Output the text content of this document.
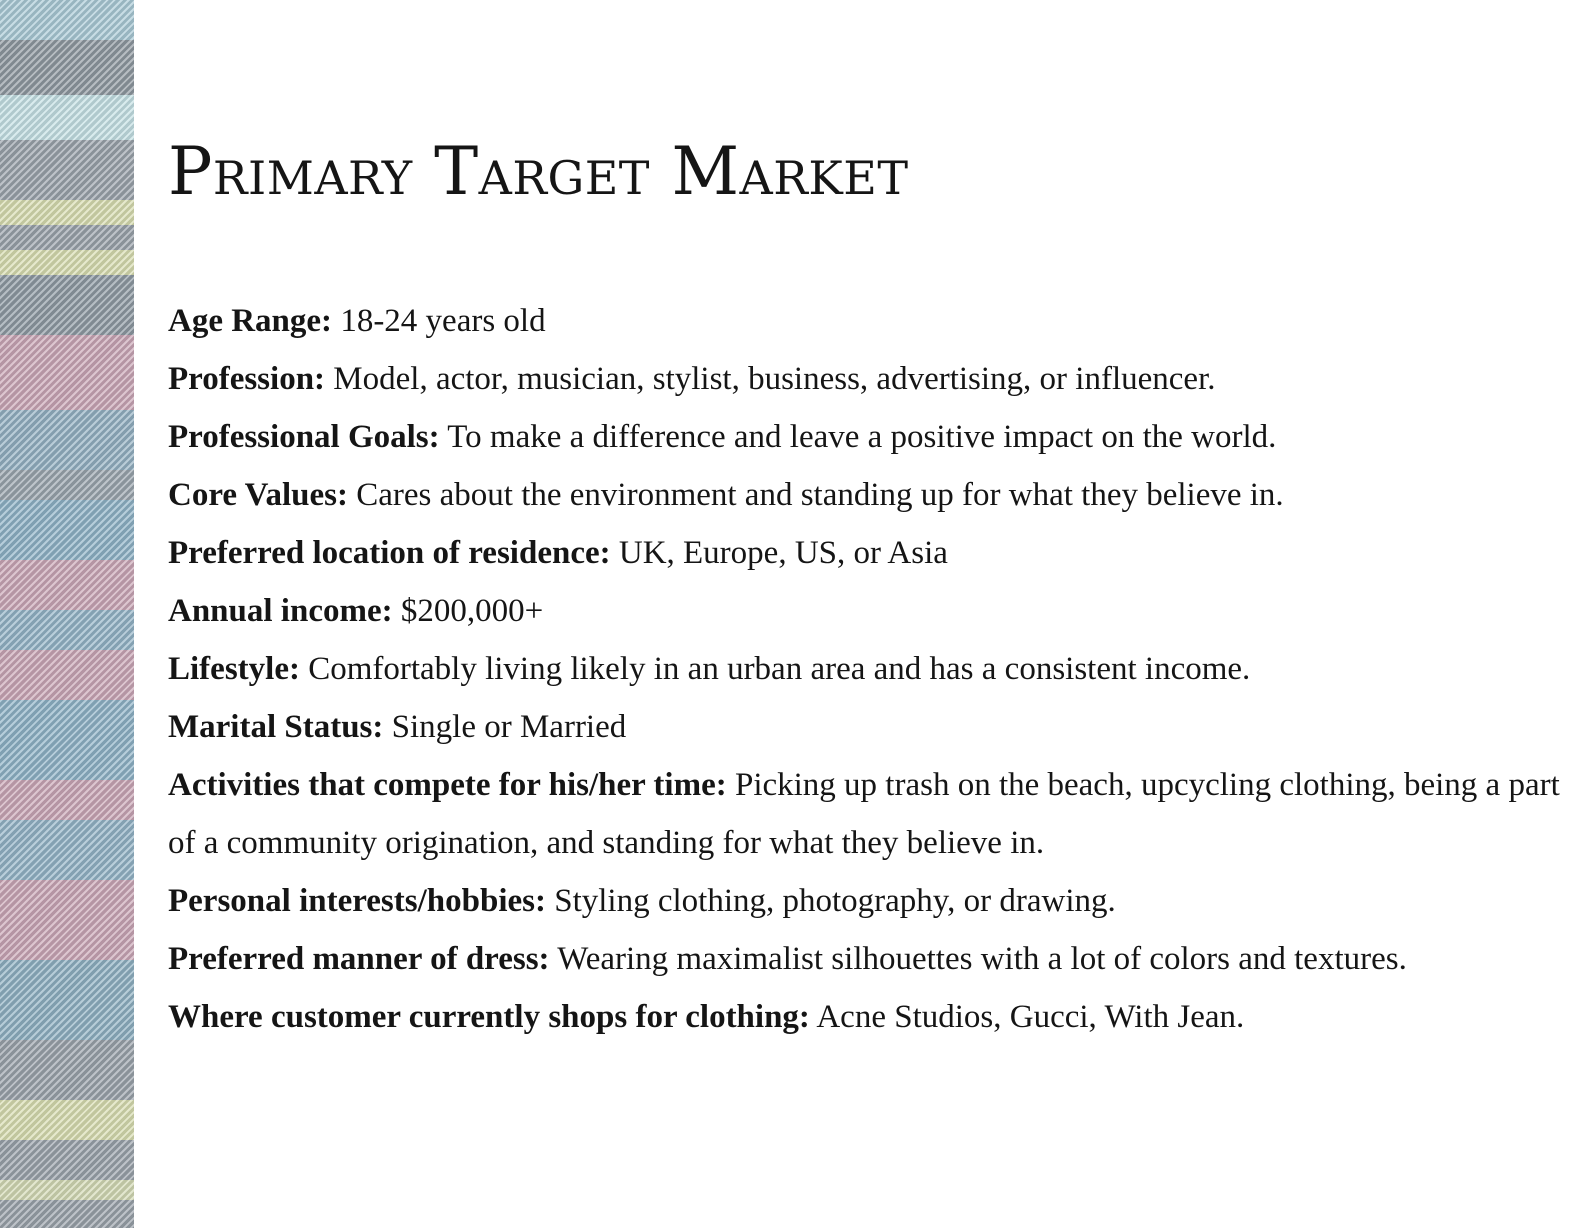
Primary Target Market
Age Range: 18-24 years old
Profession: Model, actor, musician, stylist, business, advertising, or influencer.
Professional Goals: To make a difference and leave a positive impact on the world.
Core Values: Cares about the environment and standing up for what they believe in.
Preferred location of residence: UK, Europe, US, or Asia
Annual income: $200,000+
Lifestyle: Comfortably living likely in an urban area and has a consistent income.
Marital Status: Single or Married
Activities that compete for his/her time: Picking up trash on the beach, upcycling clothing, being a part of a community origination, and standing for what they believe in.
Personal interests/hobbies: Styling clothing, photography, or drawing.
Preferred manner of dress: Wearing maximalist silhouettes with a lot of colors and textures.
Where customer currently shops for clothing: Acne Studios, Gucci, With Jean.
